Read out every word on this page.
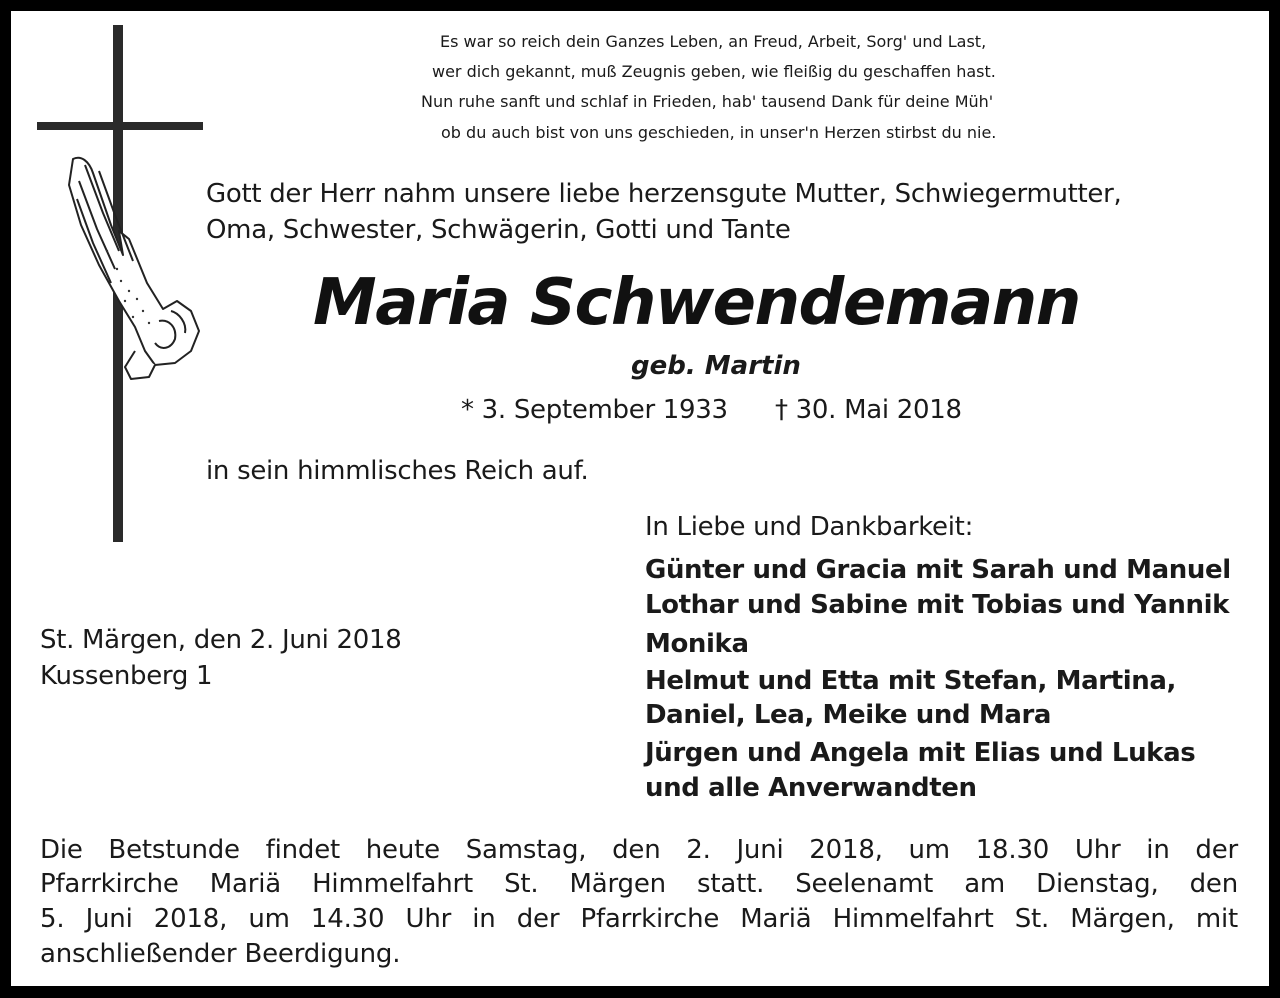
Es war so reich dein Ganzes Leben, an Freud, Arbeit, Sorg' und Last,
wer dich gekannt, muß Zeugnis geben, wie fleißig du geschaffen hast.
Nun ruhe sanft und schlaf in Frieden, hab' tausend Dank für deine Müh'
ob du auch bist von uns geschieden, in unser'n Herzen stirbst du nie.
Gott der Herr nahm unsere liebe herzensgute Mutter, Schwiegermutter,
Oma, Schwester, Schwägerin, Gotti und Tante
Maria Schwendemann
geb. Martin
* 3. September 1933 † 30. Mai 2018
in sein himmlisches Reich auf.
In Liebe und Dankbarkeit:
Günter und Gracia mit Sarah und Manuel
Lothar und Sabine mit Tobias und Yannik
Monika
Helmut und Etta mit Stefan, Martina,
Daniel, Lea, Meike und Mara
Jürgen und Angela mit Elias und Lukas
und alle Anverwandten
St. Märgen, den 2. Juni 2018
Kussenberg 1
Die Betstunde findet heute Samstag, den 2. Juni 2018, um 18.30 Uhr in der
Pfarrkirche Mariä Himmelfahrt St. Märgen statt. Seelenamt am Dienstag, den
5. Juni 2018, um 14.30 Uhr in der Pfarrkirche Mariä Himmelfahrt St. Märgen, mit
anschließender Beerdigung.
